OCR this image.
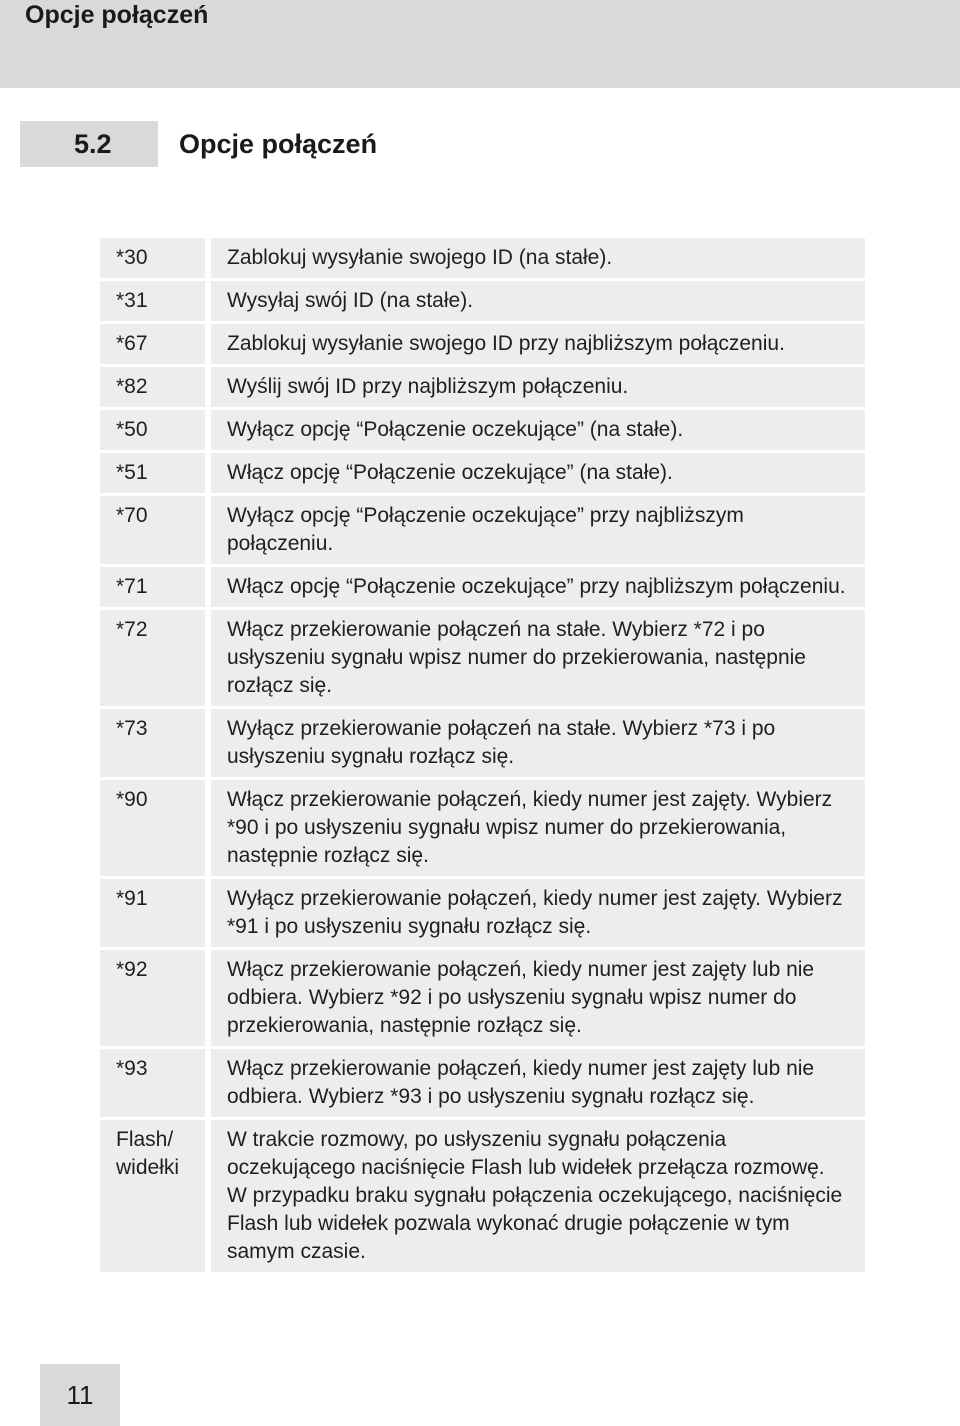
Opcje połączeń
5.2 Opcje połączeń
*30	Zablokuj wysyłanie swojego ID (na stałe).
*31	Wysyłaj swój ID (na stałe).
*67	Zablokuj wysyłanie swojego ID przy najbliższym połączeniu.
*82	Wyślij swój ID przy najbliższym połączeniu.
*50	Wyłącz opcję “Połączenie oczekujące” (na stałe).
*51	Włącz opcję “Połączenie oczekujące” (na stałe).
*70	Wyłącz opcję “Połączenie oczekujące” przy najbliższym połączeniu.
*71	Włącz opcję “Połączenie oczekujące” przy najbliższym połączeniu.
*72	Włącz przekierowanie połączeń na stałe. Wybierz *72 i po usłyszeniu sygnału wpisz numer do przekierowania, następnie rozłącz się.
*73	Wyłącz przekierowanie połączeń na stałe. Wybierz *73 i po usłyszeniu sygnału rozłącz się.
*90	Włącz przekierowanie połączeń, kiedy numer jest zajęty. Wybierz *90 i po usłyszeniu sygnału wpisz numer do przekierowania, następnie rozłącz się.
*91	Wyłącz przekierowanie połączeń, kiedy numer jest zajęty. Wybierz *91 i po usłyszeniu sygnału rozłącz się.
*92	Włącz przekierowanie połączeń, kiedy numer jest zajęty lub nie odbiera. Wybierz *92 i po usłyszeniu sygnału wpisz numer do przekierowania, następnie rozłącz się.
*93	Włącz przekierowanie połączeń, kiedy numer jest zajęty lub nie odbiera. Wybierz *93 i po usłyszeniu sygnału rozłącz się.
Flash/ widełki	W trakcie rozmowy, po usłyszeniu sygnału połączenia oczekującego naciśnięcie Flash lub widełek przełącza rozmowę. W przypadku braku sygnału połączenia oczekującego, naciśnięcie Flash lub widełek pozwala wykonać drugie połączenie w tym samym czasie.
11
